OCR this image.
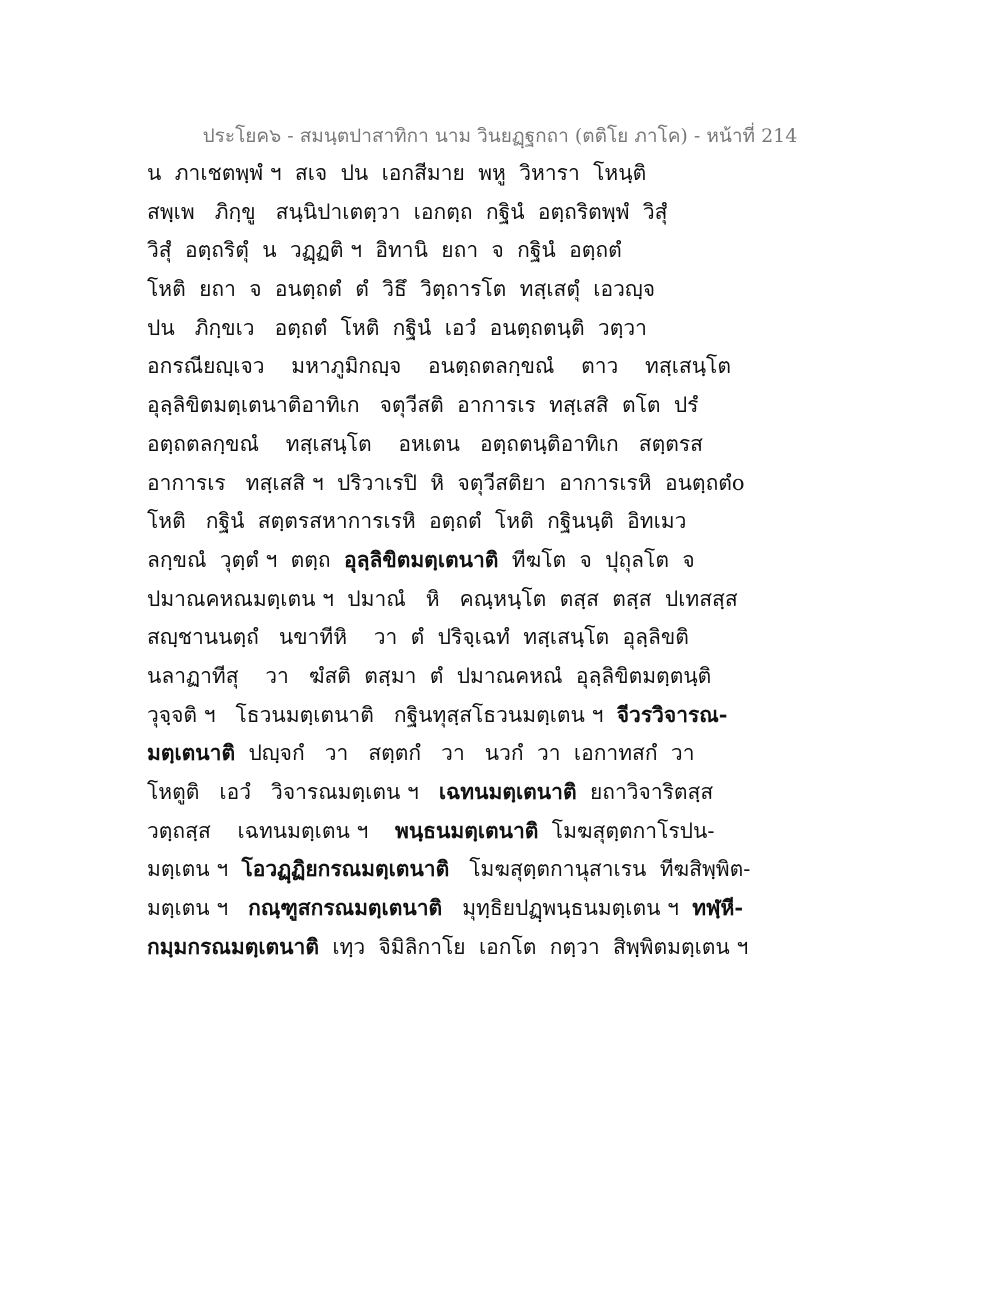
ประโยค๖ - สมนฺตปาสาทิกา นาม วินยฏฺฐกถา (ตติโย ภาโค) - หน้าที่ 214
น  ภาเชตพฺพํ ฯ  สเจ  ปน  เอกสีมาย  พหู  วิหารา  โหนฺติ
สพฺเพ   ภิกฺขู   สนฺนิปาเตตฺวา  เอกตฺถ  กฐินํ  อตฺถริตพฺพํ  วิสุํ
วิสุํ  อตฺถริตุํ  น  วฏฺฏติ ฯ  อิทานิ  ยถา  จ  กฐินํ  อตฺถตํ
โหติ  ยถา  จ  อนตฺถตํ  ตํ  วิธึ  วิตฺถารโต  ทสฺเสตุํ  เอวญฺจ
ปน   ภิกฺขเว   อตฺถตํ  โหติ  กฐินํ  เอวํ  อนตฺถตนฺติ  วตฺวา
อกรณียญฺเจว    มหาภูมิกญฺจ    อนตฺถตลกฺขณํ    ตาว    ทสฺเสนฺโต
อุลฺลิขิตมตฺเตนาติอาทิเก   จตุวีสติ  อาการเร  ทสฺเสสิ  ตโต  ปรํ
อตฺถตลกฺขณํ    ทสฺเสนฺโต    อหเตน   อตฺถตนฺติอาทิเก   สตฺตรส
อาการเร   ทสฺเสสิ ฯ  ปริวาเรปิ  หิ  จตุวีสติยา  อาการเรหิ  อนตฺถตํo
โหติ   กฐินํ  สตฺตรสหาการเรหิ  อตฺถตํ  โหติ  กฐินนฺติ  อิทเมว
ลกฺขณํ  วุตฺตํ ฯ  ตตฺถ  อุลฺลิขิตมตฺเตนาติ  ทีฆโต  จ  ปุถุลโต  จ
ปมาณคหณมตฺเตน ฯ  ปมาณํ   หิ   คณฺหนฺโต  ตสฺส  ตสฺส  ปเทสสฺส
สญฺชานนตฺถํ   นขาทีหิ    วา  ตํ  ปริจฺเฉทํ  ทสฺเสนฺโต  อุลฺลิขติ
นลาฏาทีสุ    วา   ฆํสติ  ตสฺมา  ตํ  ปมาณคหณํ  อุลฺลิขิตมตฺตนฺติ
วุจฺจติ ฯ   โธวนมตฺเตนาติ   กฐินทุสฺสโธวนมตฺเตน ฯ  จีวรวิจารณ-
มตฺเตนาติ  ปญฺจกํ   วา   สตฺตกํ   วา   นวกํ  วา  เอกาทสกํ  วา
โหตูติ   เอวํ   วิจารณมตฺเตน ฯ   เฉทนมตฺเตนาติ  ยถาวิจาริตสฺส
วตฺถสฺส    เฉทนมตฺเตน ฯ    พนฺธนมตฺเตนาติ  โมฆสุตฺตกาโรปน-
มตฺเตน ฯ  โอวฏฺฏิยกรณมตฺเตนาติ   โมฆสุตฺตกานุสาเรน  ทีฆสิพฺพิต-
มตฺเตน ฯ   กณฺฑูสกรณมตฺเตนาติ   มุทฺธิยปฏฺพนฺธนมตฺเตน ฯ  ทฬฺหี-
กมฺมกรณมตฺเตนาติ  เทฺว  จิมิลิกาโย  เอกโต  กตฺวา  สิพฺพิตมตฺเตน ฯ
